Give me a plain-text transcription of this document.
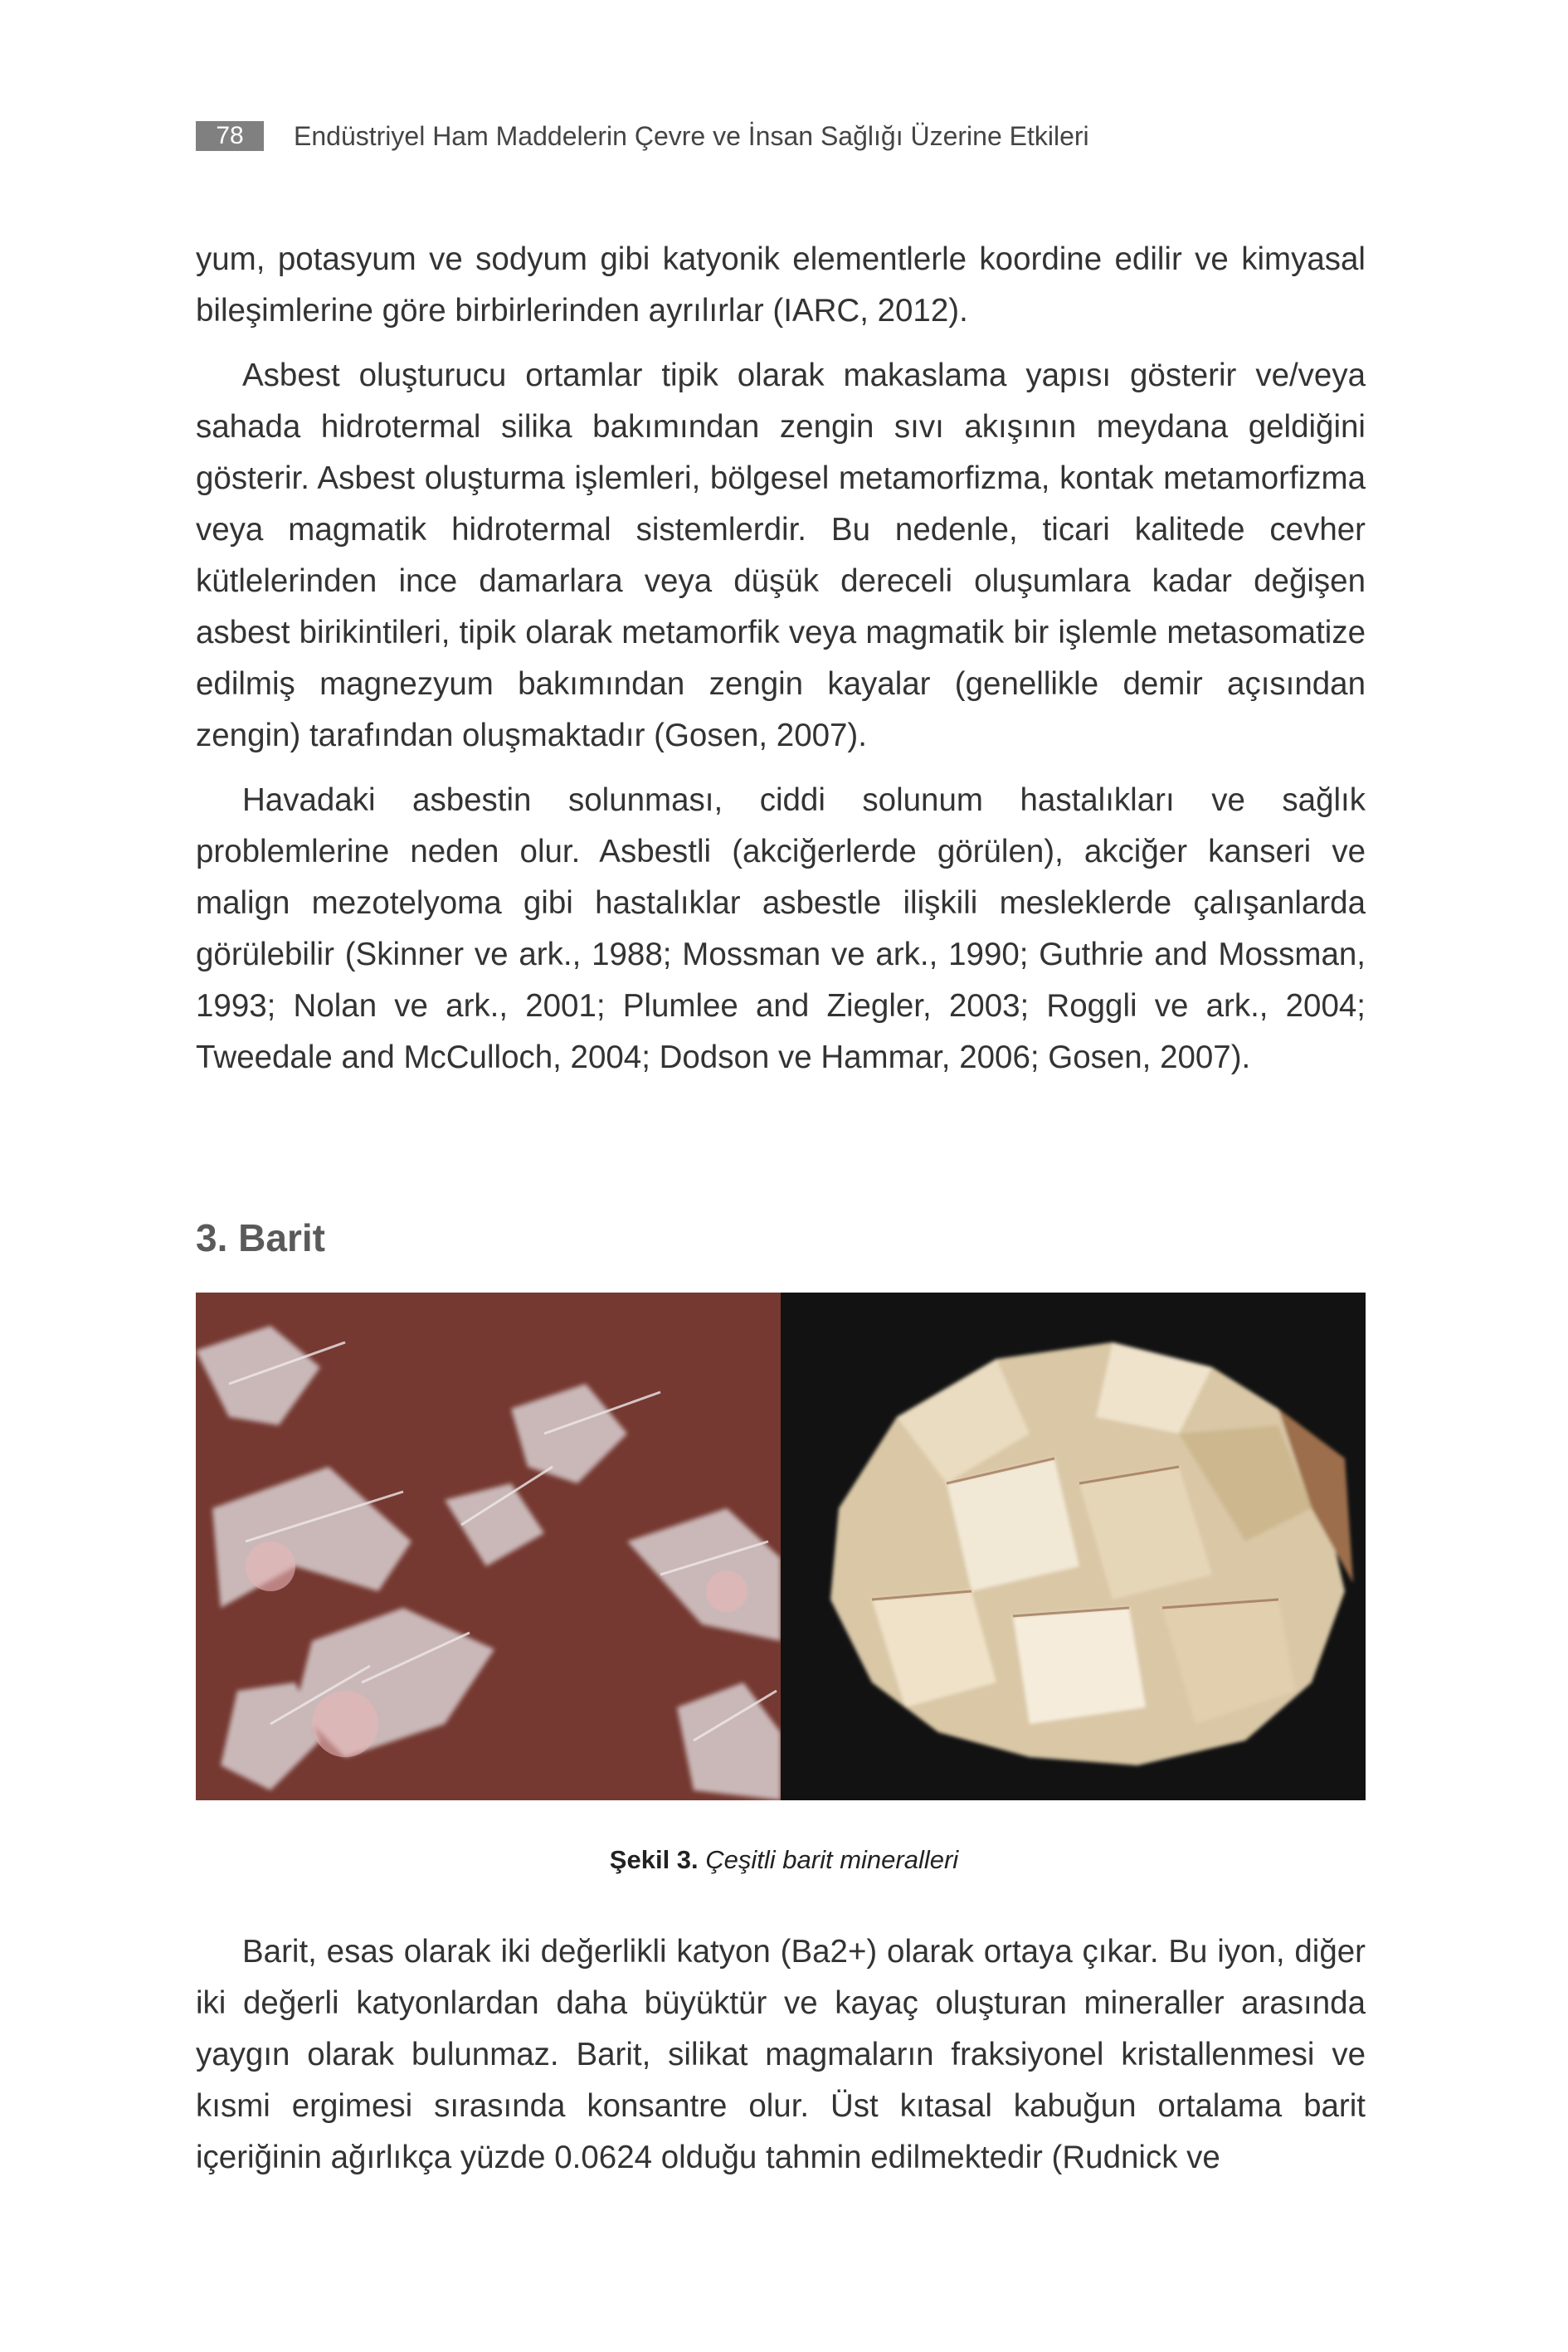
78	Endüstriyel Ham Maddelerin Çevre ve İnsan Sağlığı Üzerine Etkileri

yum, potasyum ve sodyum gibi katyonik elementlerle koordine edilir ve kimyasal bileşimlerine göre birbirlerinden ayrılırlar (IARC, 2012).

Asbest oluşturucu ortamlar tipik olarak makaslama yapısı gösterir ve/veya sahada hidrotermal silika bakımından zengin sıvı akışının meydana geldiğini gösterir. Asbest oluşturma işlemleri, bölgesel metamorfizma, kontak metamorfizma veya magmatik hidrotermal sistemlerdir. Bu nedenle, ticari kalitede cevher kütlelerinden ince damarlara veya düşük dereceli oluşumlara kadar değişen asbest birikintileri, tipik olarak metamorfik veya magmatik bir işlemle metasomatize edilmiş magnezyum bakımından zengin kayalar (genellikle demir açısından zengin) tarafından oluşmaktadır (Gosen, 2007).

Havadaki asbestin solunması, ciddi solunum hastalıkları ve sağlık problemlerine neden olur. Asbestli (akciğerlerde görülen), akciğer kanseri ve malign mezotelyoma gibi hastalıklar asbestle ilişkili mesleklerde çalışanlarda görülebilir (Skinner ve ark., 1988; Mossman ve ark., 1990; Guthrie and Mossman, 1993; Nolan ve ark., 2001; Plumlee and Ziegler, 2003; Roggli ve ark., 2004; Tweedale and McCulloch, 2004; Dodson ve Hammar, 2006; Gosen, 2007).

3. Barit
Şekil 3. Çeşitli barit mineralleri

Barit, esas olarak iki değerlikli katyon (Ba2+) olarak ortaya çıkar. Bu iyon, diğer iki değerli katyonlardan daha büyüktür ve kayaç oluşturan mineraller arasında yaygın olarak bulunmaz. Barit, silikat magmaların fraksiyonel kristallenmesi ve kısmi ergimesi sırasında konsantre olur. Üst kıtasal kabuğun ortalama barit içeriğinin ağırlıkça yüzde 0.0624 olduğu tahmin edilmektedir (Rudnick ve
